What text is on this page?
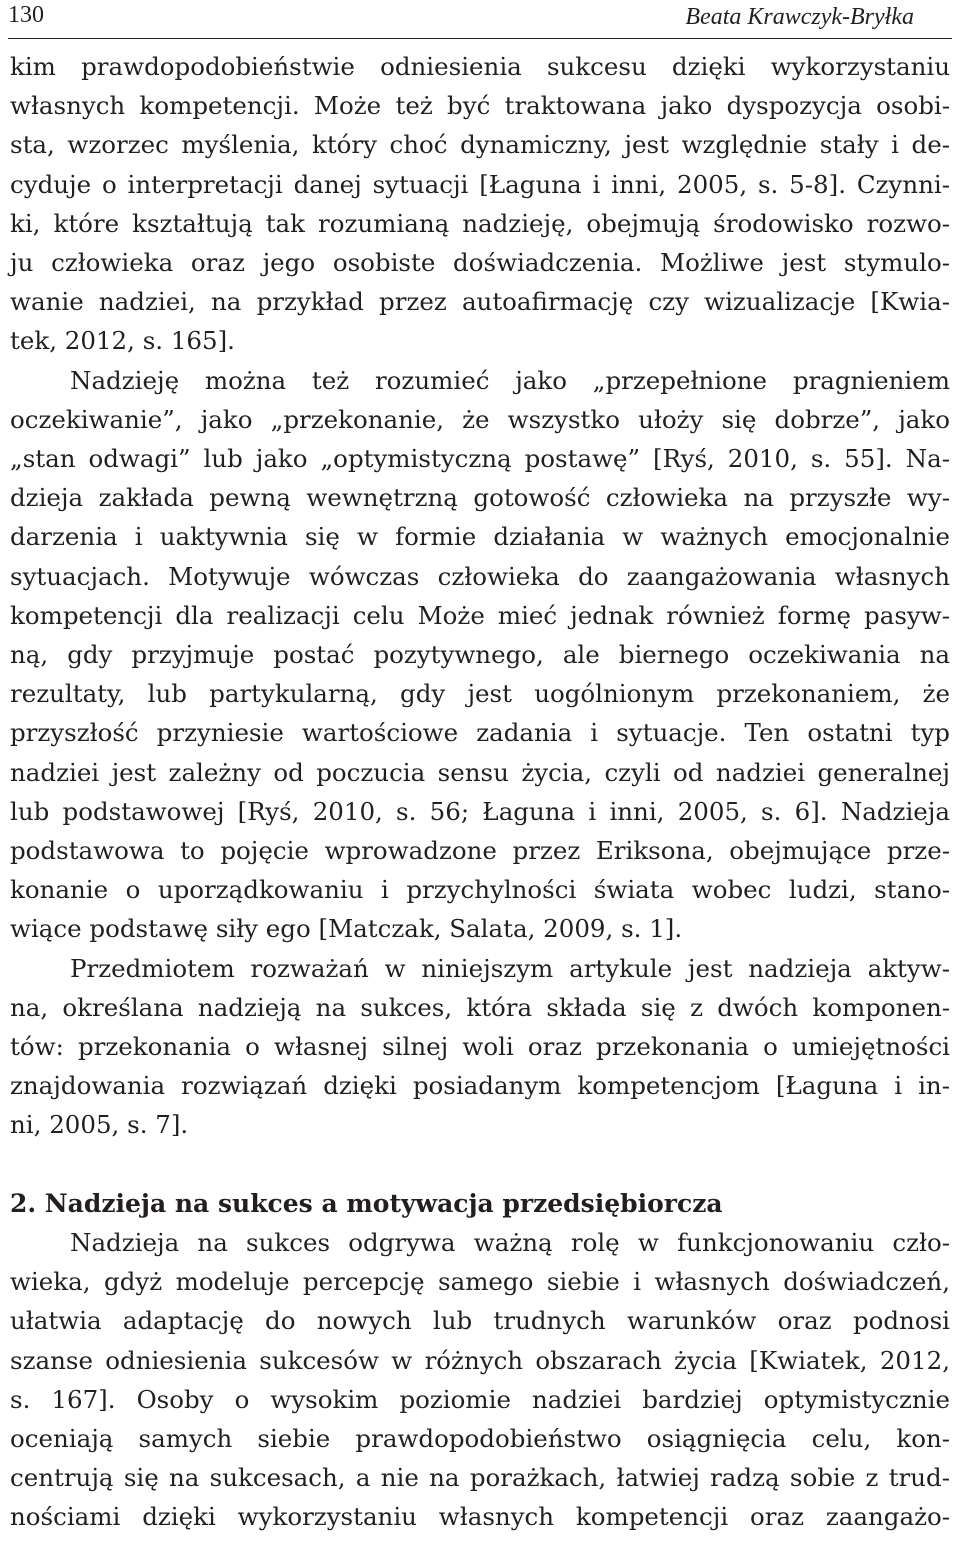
130	Beata Krawczyk-Bryłka
kim prawdopodobieństwie odniesienia sukcesu dzięki wykorzystaniu
własnych kompetencji. Może też być traktowana jako dyspozycja osobi-
sta, wzorzec myślenia, który choć dynamiczny, jest względnie stały i de-
cyduje o interpretacji danej sytuacji [Łaguna i inni, 2005, s. 5-8]. Czynni-
ki, które kształtują tak rozumianą nadzieję, obejmują środowisko rozwo-
ju człowieka oraz jego osobiste doświadczenia. Możliwe jest stymulo-
wanie nadziei, na przykład przez autoafirmację czy wizualizacje [Kwia-
tek, 2012, s. 165].
Nadzieję można też rozumieć jako „przepełnione pragnieniem
oczekiwanie”, jako „przekonanie, że wszystko ułoży się dobrze”, jako
„stan odwagi” lub jako „optymistyczną postawę” [Ryś, 2010, s. 55]. Na-
dzieja zakłada pewną wewnętrzną gotowość człowieka na przyszłe wy-
darzenia i uaktywnia się w formie działania w ważnych emocjonalnie
sytuacjach. Motywuje wówczas człowieka do zaangażowania własnych
kompetencji dla realizacji celu Może mieć jednak również formę pasyw-
ną, gdy przyjmuje postać pozytywnego, ale biernego oczekiwania na
rezultaty, lub partykularną, gdy jest uogólnionym przekonaniem, że
przyszłość przyniesie wartościowe zadania i sytuacje. Ten ostatni typ
nadziei jest zależny od poczucia sensu życia, czyli od nadziei generalnej
lub podstawowej [Ryś, 2010, s. 56; Łaguna i inni, 2005, s. 6]. Nadzieja
podstawowa to pojęcie wprowadzone przez Eriksona, obejmujące prze-
konanie o uporządkowaniu i przychylności świata wobec ludzi, stano-
wiące podstawę siły ego [Matczak, Salata, 2009, s. 1].
Przedmiotem rozważań w niniejszym artykule jest nadzieja aktyw-
na, określana nadzieją na sukces, która składa się z dwóch komponen-
tów: przekonania o własnej silnej woli oraz przekonania o umiejętności
znajdowania rozwiązań dzięki posiadanym kompetencjom [Łaguna i in-
ni, 2005, s. 7].
2. Nadzieja na sukces a motywacja przedsiębiorcza
Nadzieja na sukces odgrywa ważną rolę w funkcjonowaniu czło-
wieka, gdyż modeluje percepcję samego siebie i własnych doświadczeń,
ułatwia adaptację do nowych lub trudnych warunków oraz podnosi
szanse odniesienia sukcesów w różnych obszarach życia [Kwiatek, 2012,
s. 167]. Osoby o wysokim poziomie nadziei bardziej optymistycznie
oceniają samych siebie prawdopodobieństwo osiągnięcia celu, kon-
centrują się na sukcesach, a nie na porażkach, łatwiej radzą sobie z trud-
nościami dzięki wykorzystaniu własnych kompetencji oraz zaangażo-
